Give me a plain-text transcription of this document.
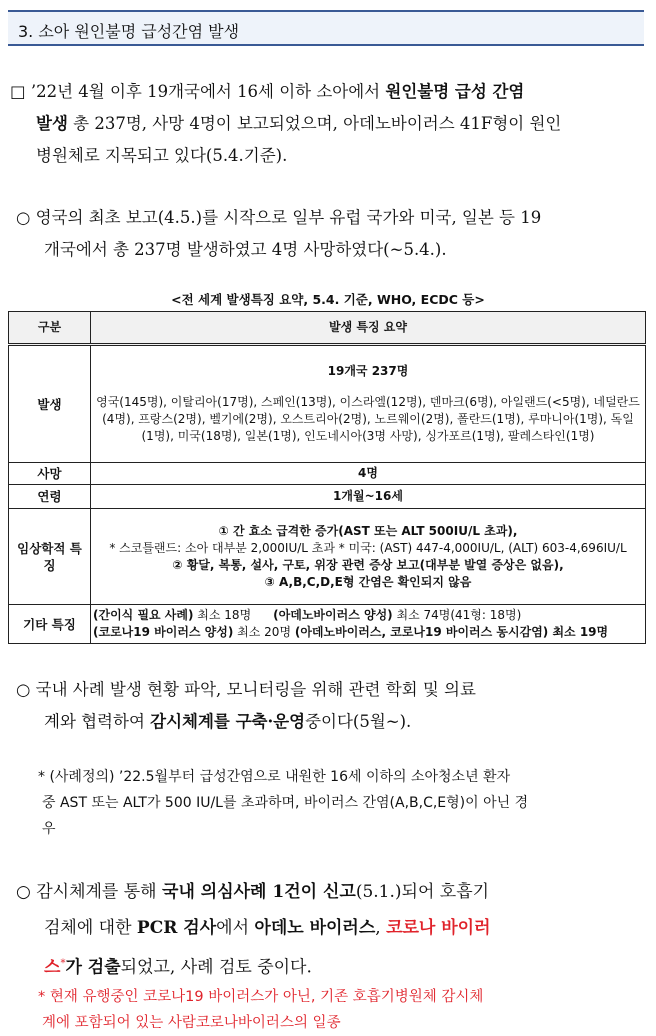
3. 소아 원인불명 급성간염 발생
□ ’22년 4월 이후 19개국에서 16세 이하 소아에서 원인불명 급성 간염
발생 총 237명, 사망 4명이 보고되었으며, 아데노바이러스 41F형이 원인
병원체로 지목되고 있다(5.4.기준).
○ 영국의 최초 보고(4.5.)를 시작으로 일부 유럽 국가와 미국, 일본 등 19
개국에서 총 237명 발생하였고 4명 사망하였다(~5.4.).
<전 세계 발생특징 요약, 5.4. 기준, WHO, ECDC 등>
구분	발생 특징 요약
발생	19개국 237명
영국(145명), 이탈리아(17명), 스페인(13명), 이스라엘(12명), 덴마크(6명), 아일랜드(<5명), 네덜란드(4명), 프랑스(2명), 벨기에(2명), 오스트리아(2명), 노르웨이(2명), 폴란드(1명), 루마니아(1명), 독일(1명), 미국(18명), 일본(1명), 인도네시아(3명 사망), 싱가포르(1명), 팔레스타인(1명)

사망	4명
연령	1개월~16세
임상학적 특징	① 간 효소 급격한 증가(AST 또는 ALT 500IU/L 초과),
* 스코틀랜드: 소아 대부분 2,000IU/L 초과 * 미국: (AST) 447-4,000IU/L, (ALT) 603-4,696IU/L
② 황달, 복통, 설사, 구토, 위장 관련 증상 보고(대부분 발열 증상은 없음),
③ A,B,C,D,E형 간염은 확인되지 않음

기타 특징	(간이식 필요 사례) 최소 18명 (아데노바이러스 양성) 최소 74명(41형: 18명)
(코로나19 바이러스 양성) 최소 20명 (아데노바이러스, 코로나19 바이러스 동시감염) 최소 19명
○ 국내 사례 발생 현황 파악, 모니터링을 위해 관련 학회 및 의료
계와 협력하여 감시체계를 구축·운영중이다(5월~).
* (사례정의) ’22.5월부터 급성간염으로 내원한 16세 이하의 소아청소년 환자
중 AST 또는 ALT가 500 IU/L를 초과하며, 바이러스 간염(A,B,C,E형)이 아닌 경
우
○ 감시체계를 통해 국내 의심사례 1건이 신고(5.1.)되어 호흡기
검체에 대한 PCR 검사에서 아데노 바이러스, 코로나 바이러
스*가 검출되었고, 사례 검토 중이다.
* 현재 유행중인 코로나19 바이러스가 아닌, 기존 호흡기병원체 감시체
계에 포함되어 있는 사람코로나바이러스의 일종
